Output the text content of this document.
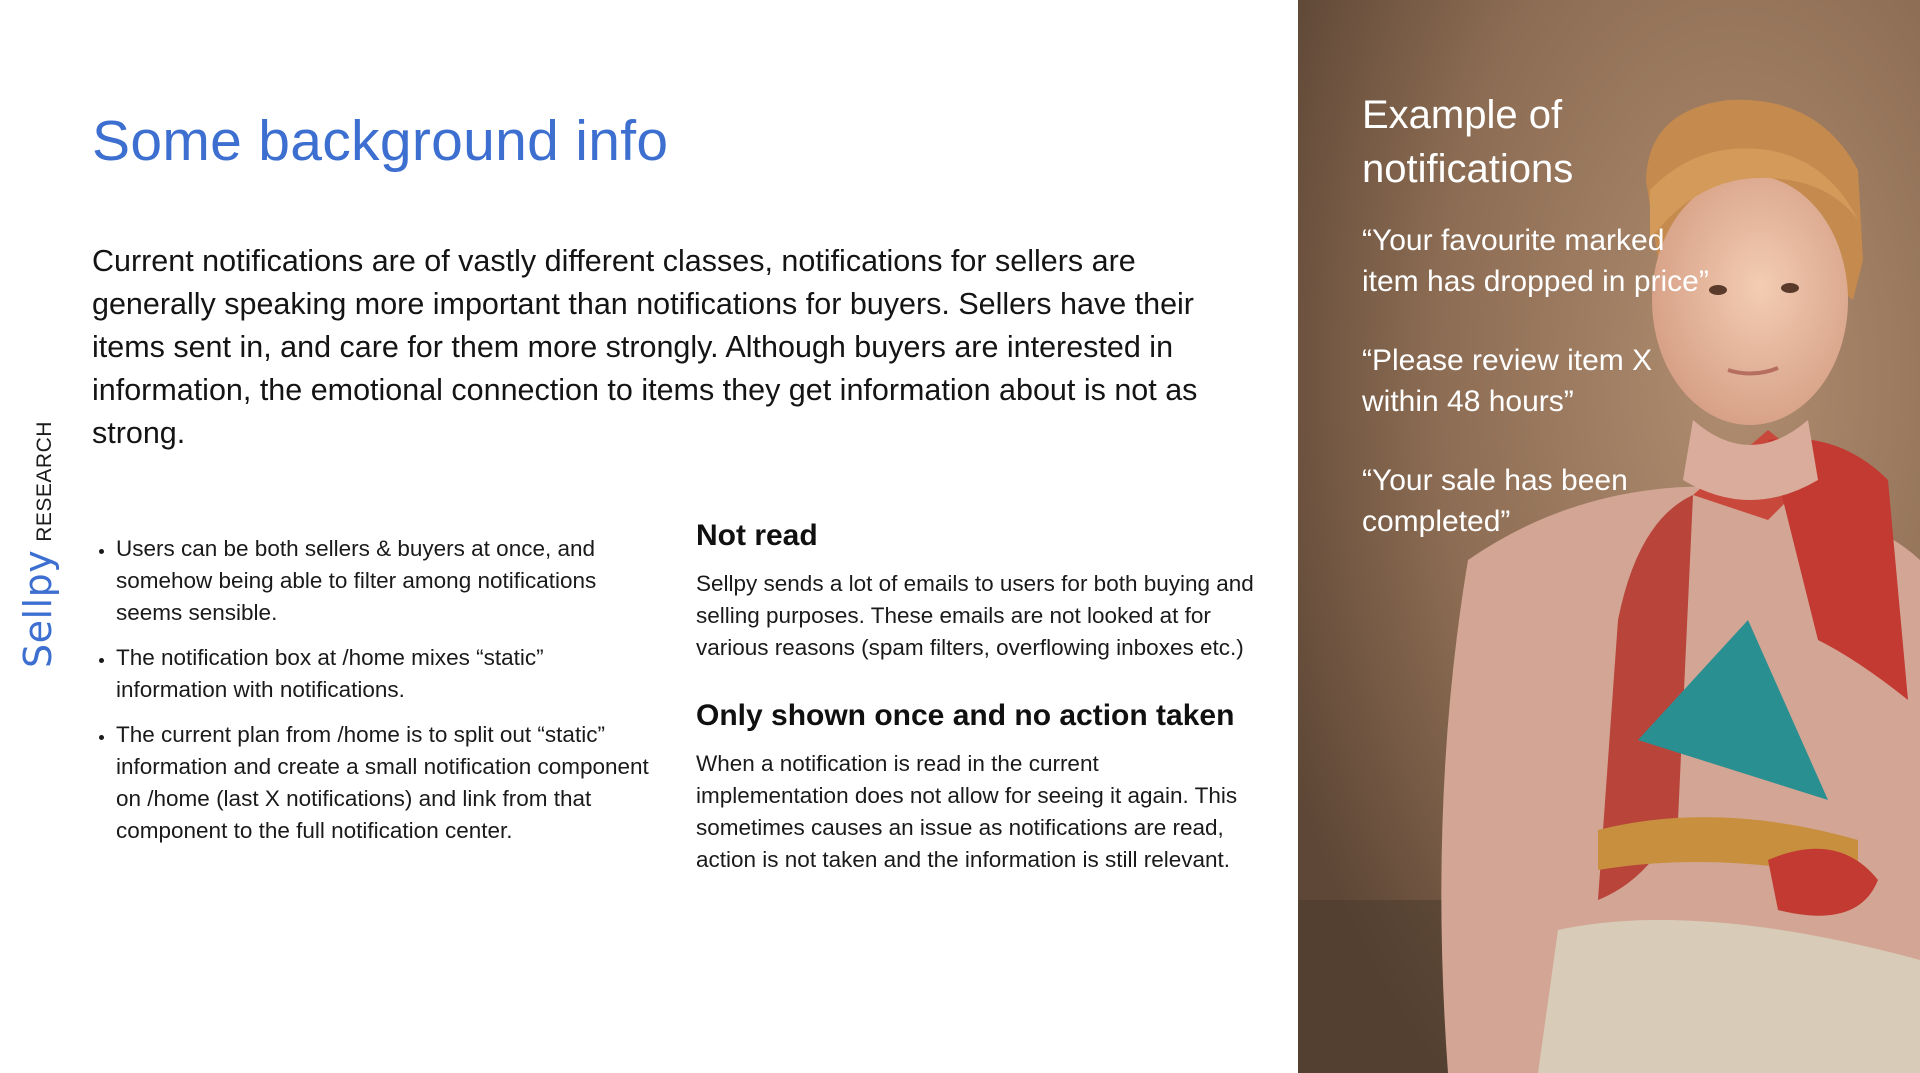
Sellpy
RESEARCH
Some background info

Current notifications are of vastly different classes, notifications for sellers are generally speaking more important than notifications for buyers. Sellers have their items sent in, and care for them more strongly. Although buyers are interested in information, the emotional connection to items they get information about is not as strong.

• Users can be both sellers & buyers at once, and somehow being able to filter among notifications seems sensible.
• The notification box at /home mixes “static” information with notifications.
• The current plan from /home is to split out “static” information and create a small notification component on /home (last X notifications) and link from that component to the full notification center.
Not read

Sellpy sends a lot of emails to users for both buying and selling purposes. These emails are not looked at for various reasons (spam filters, overflowing inboxes etc.)

Only shown once and no action taken

When a notification is read in the current implementation does not allow for seeing it again. This sometimes causes an issue as notifications are read, action is not taken and the information is still relevant.

Example of notifications

“Your favourite marked item has dropped in price”

“Please review item X within 48 hours”

“Your sale has been completed”
